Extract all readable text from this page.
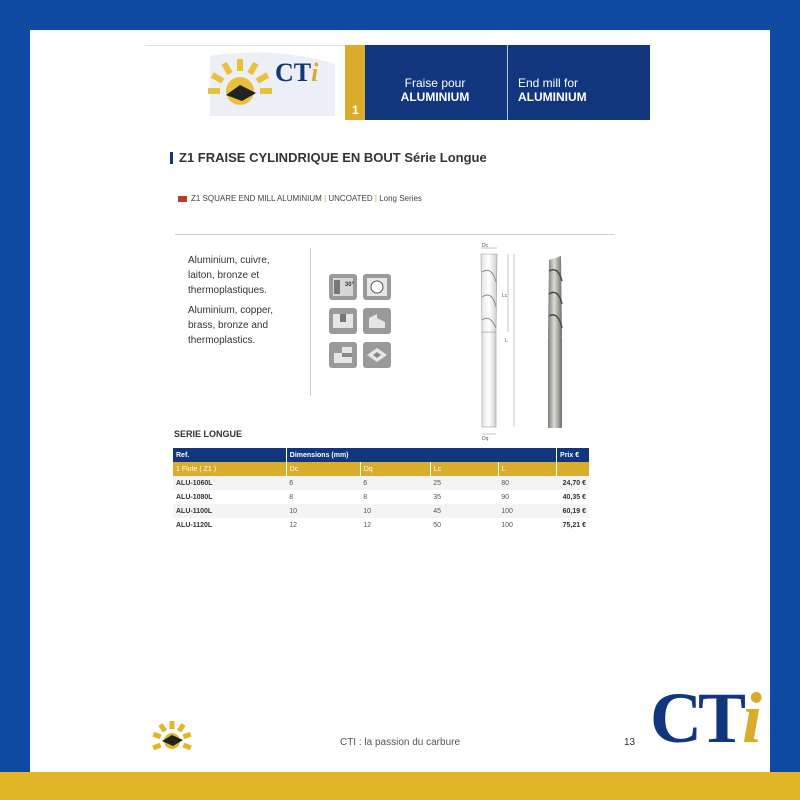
CTi
1
Fraise pour
ALUMINIUM
End mill for
ALUMINIUM
Z1 FRAISE CYLINDRIQUE EN BOUT Série Longue
Z1 SQUARE END MILL ALUMINIUM | UNCOATED | Long Series
Aluminium, cuivre, laiton, bronze et thermoplastiques.
Aluminium, copper, brass, bronze and thermoplastics.
30°
Dc
Lc
L
Dq
SERIE LONGUE
Ref.	Dimensions (mm)				Prix €
1 Flute ( Z1 )	Dc	Dq	Lc	L	
ALU-1060L	6	6	25	80	24,70 €
ALU-1080L	8	8	35	90	40,35 €
ALU-1100L	10	10	45	100	60,19 €
ALU-1120L	12	12	50	100	75,21 €
CTI : la passion du carbure	13 CTi
